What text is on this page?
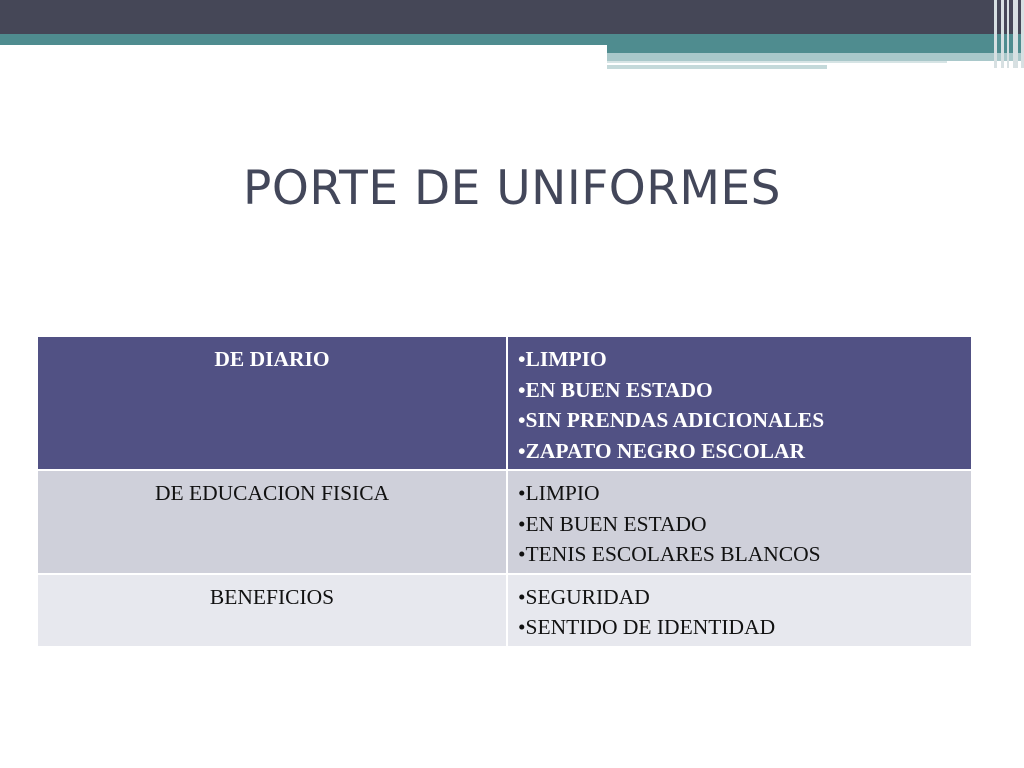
PORTE DE UNIFORMES
DE DIARIO	•LIMPIO
•EN BUEN ESTADO
•SIN PRENDAS ADICIONALES
•ZAPATO NEGRO ESCOLAR

DE EDUCACION FISICA	•LIMPIO
•EN BUEN ESTADO
•TENIS ESCOLARES BLANCOS

BENEFICIOS	•SEGURIDAD
•SENTIDO DE IDENTIDAD
